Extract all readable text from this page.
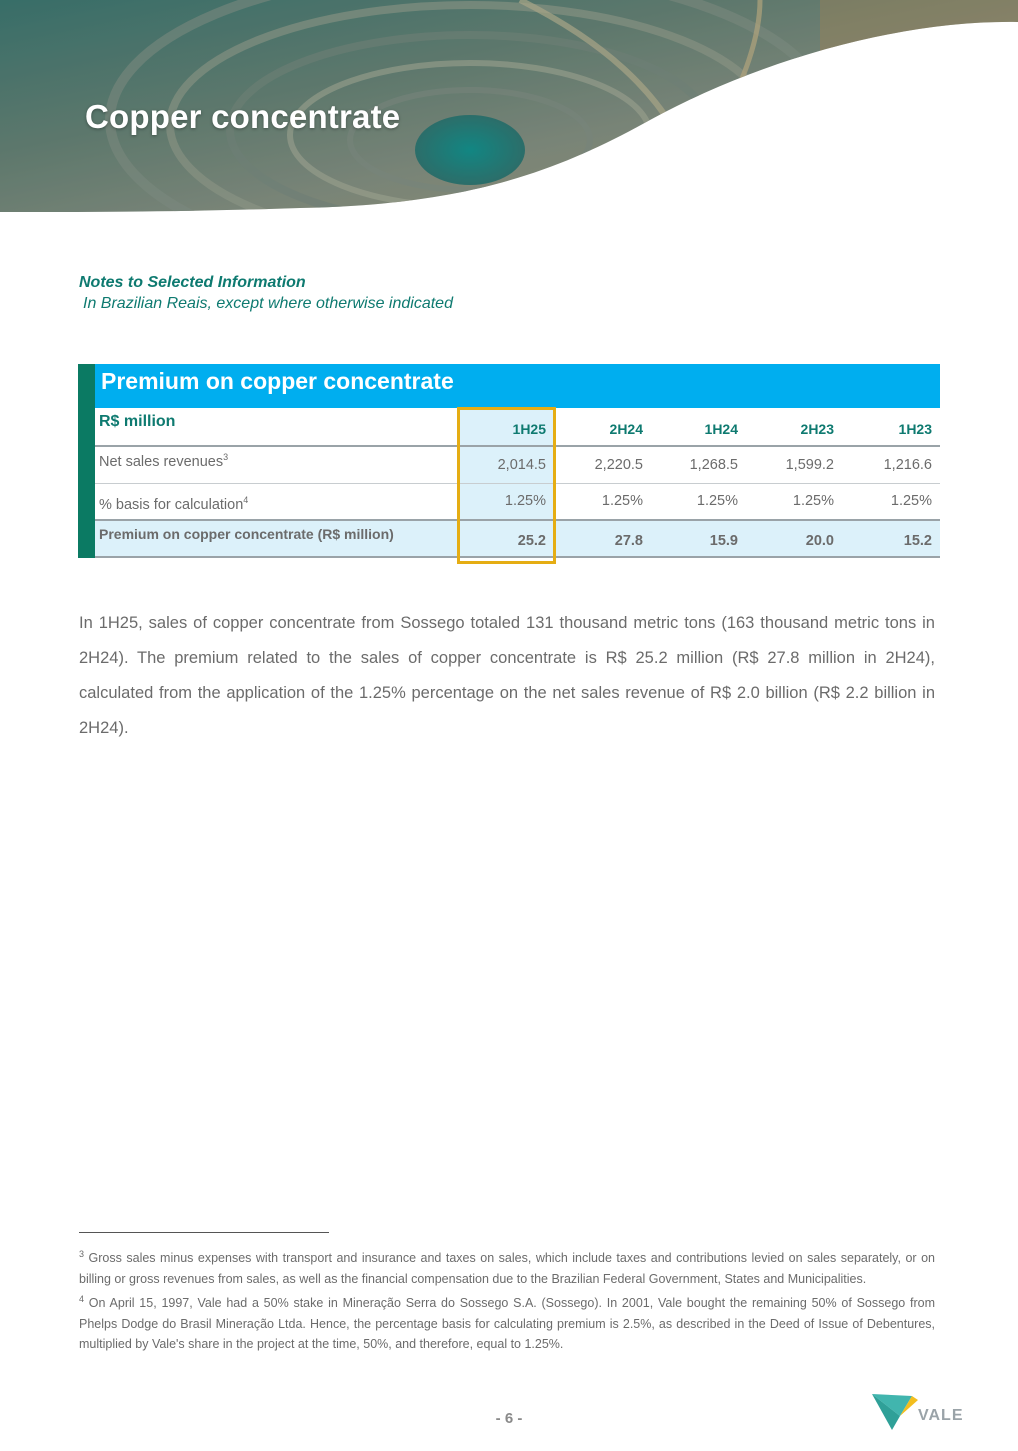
Copper concentrate

Notes to Selected Information

In Brazilian Reais, except where otherwise indicated

Premium on copper concentrate
R$ million	1H25	2H24	1H24	2H23	1H23
Net sales revenues$^3$	2,014.5	2,220.5	1,268.5	1,599.2	1,216.6
% basis for calculation$^4$	1.25%	1.25%	1.25%	1.25%	1.25%
Premium on copper concentrate (R$ million)	25.2	27.8	15.9	20.0	15.2

In 1H25, sales of copper concentrate from Sossego totaled 131 thousand metric tons (163 thousand metric tons in 2H24). The premium related to the sales of copper concentrate is R$ 25.2 million (R$ 27.8 million in 2H24), calculated from the application of the 1.25% percentage on the net sales revenue of R$ 2.0 billion (R$ 2.2 billion in 2H24).

$^3$ Gross sales minus expenses with transport and insurance and taxes on sales, which include taxes and contributions levied on sales separately, or on billing or gross revenues from sales, as well as the financial compensation due to the Brazilian Federal Government, States and Municipalities.

$^4$ On April 15, 1997, Vale had a 50% stake in Mineração Serra do Sossego S.A. (Sossego). In 2001, Vale bought the remaining 50% of Sossego from Phelps Dodge do Brasil Mineração Ltda. Hence, the percentage basis for calculating premium is 2.5%, as described in the Deed of Issue of Debentures, multiplied by Vale's share in the project at the time, 50%, and therefore, equal to 1.25%.

- 6 -	VALE
